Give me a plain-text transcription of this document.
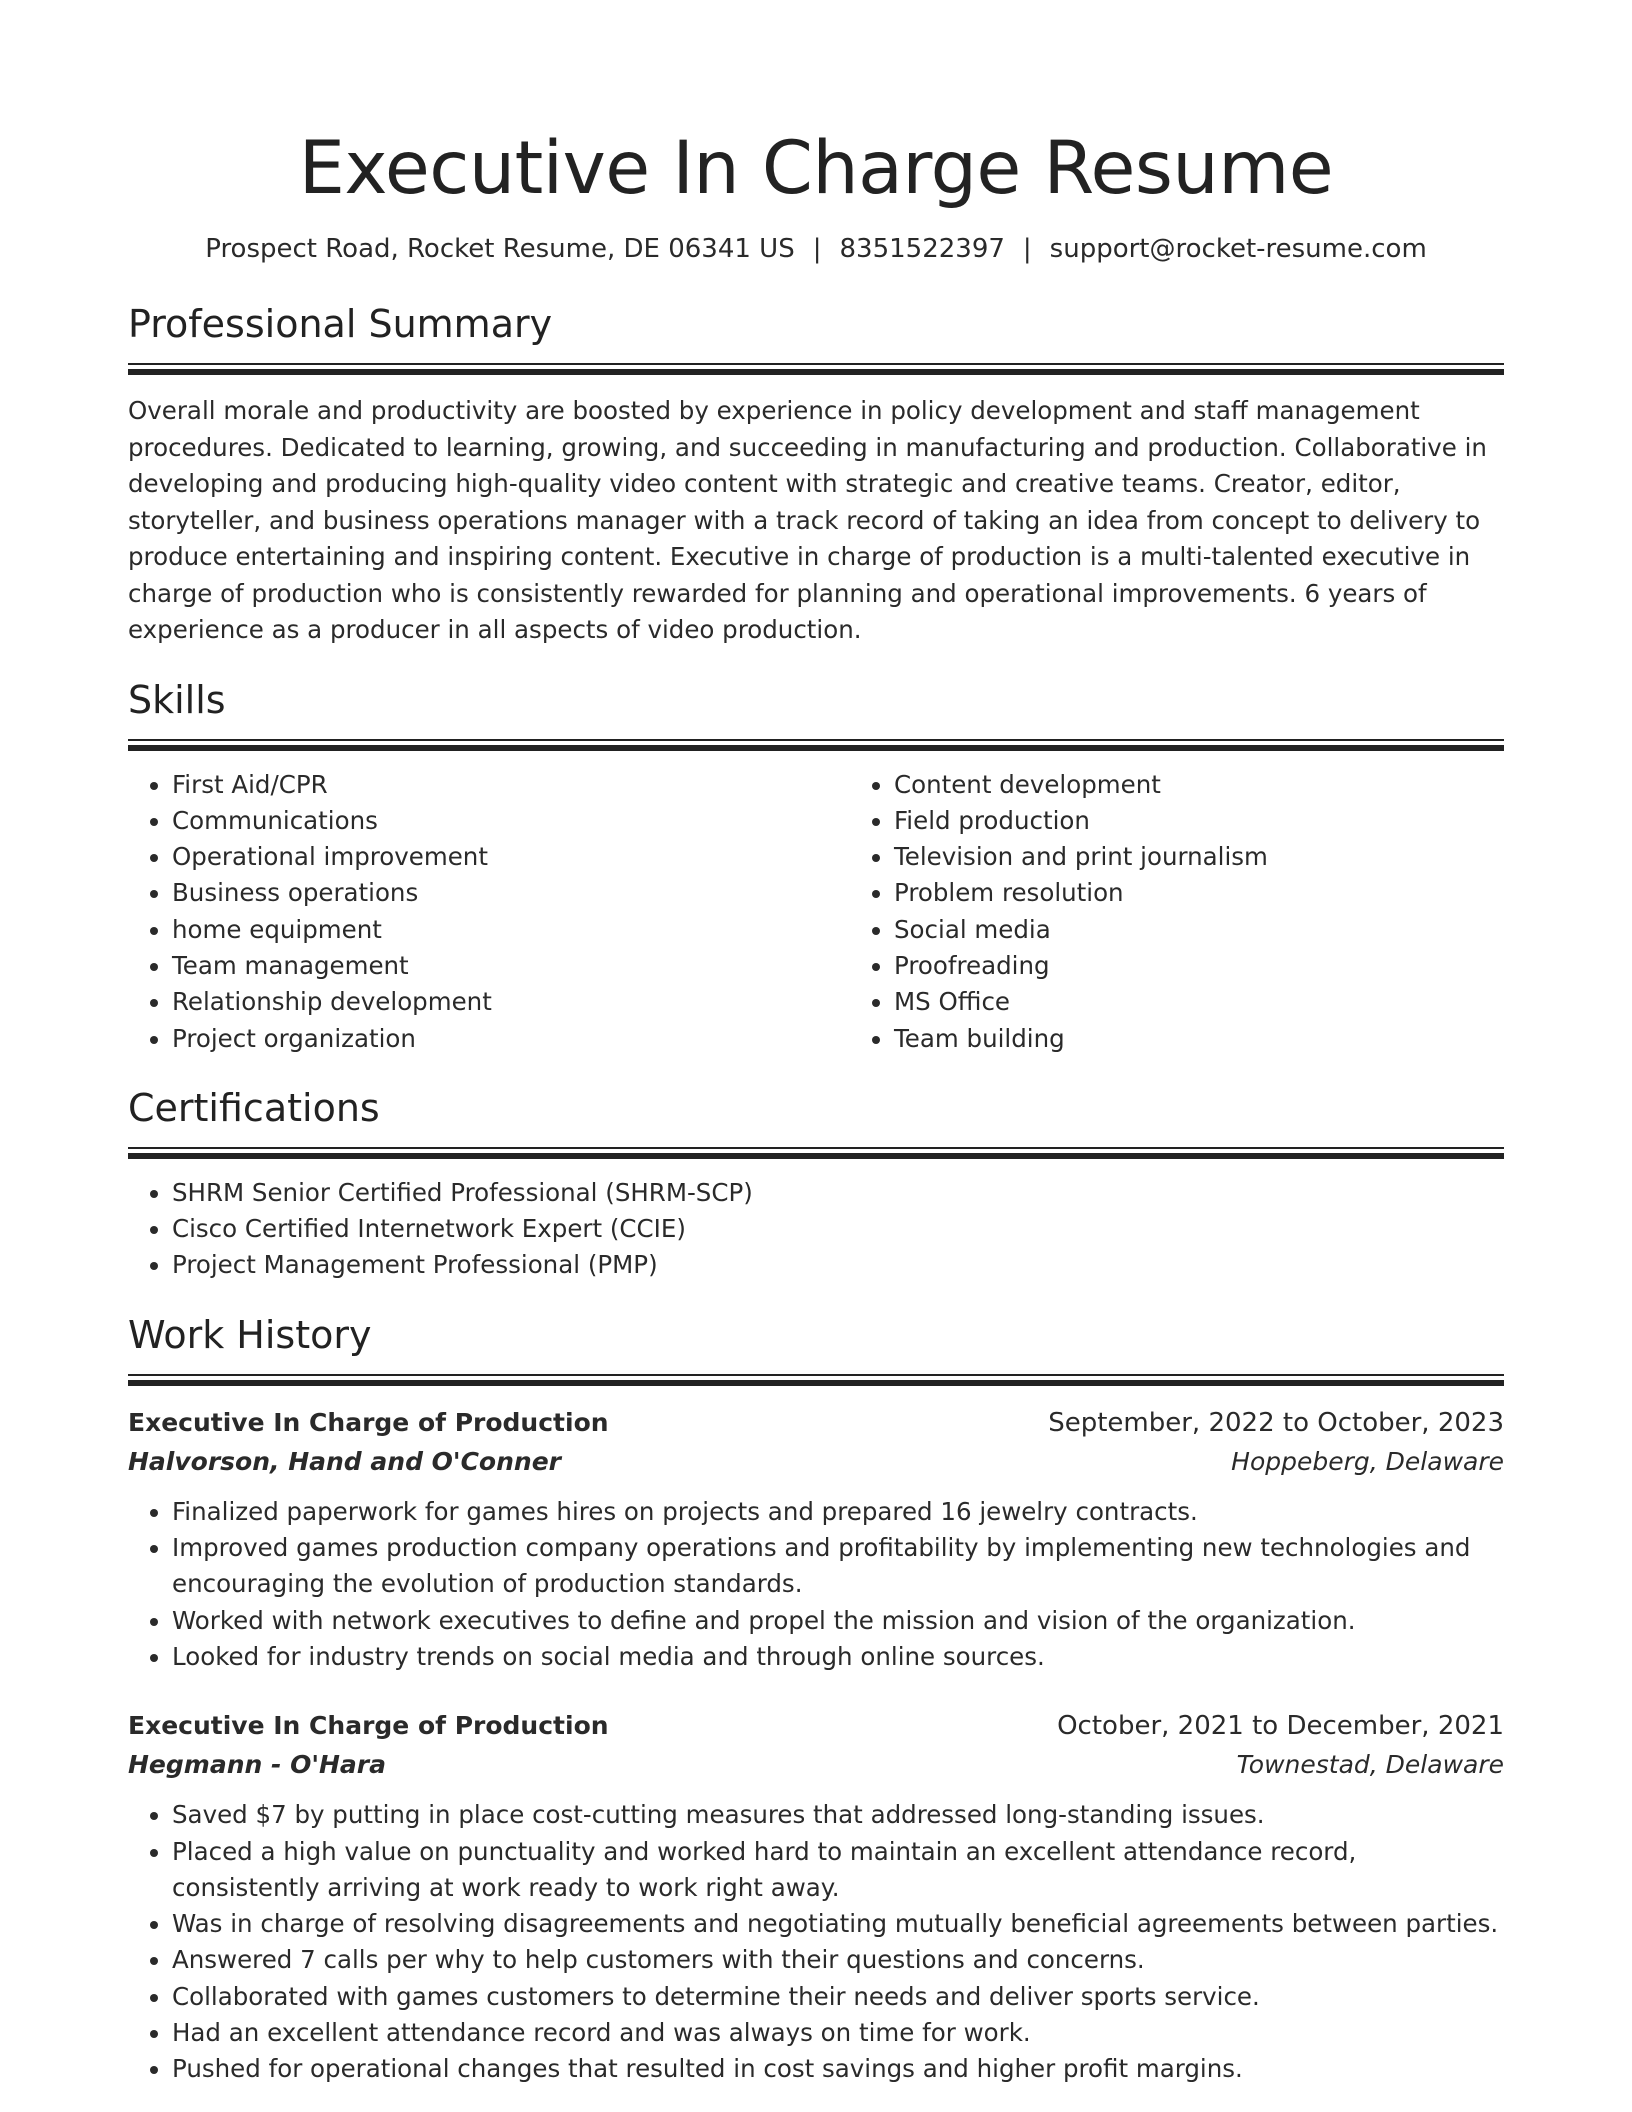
Executive In Charge Resume
Prospect Road, Rocket Resume, DE 06341 US | 8351522397 | support@rocket-resume.com
Professional Summary

Overall morale and productivity are boosted by experience in policy development and staff management procedures. Dedicated to learning, growing, and succeeding in manufacturing and production. Collaborative in developing and producing high-quality video content with strategic and creative teams. Creator, editor, storyteller, and business operations manager with a track record of taking an idea from concept to delivery to produce entertaining and inspiring content. Executive in charge of production is a multi-talented executive in charge of production who is consistently rewarded for planning and operational improvements. 6 years of experience as a producer in all aspects of video production.

Skills
• First Aid/CPR
• Communications
• Operational improvement
• Business operations
• home equipment
• Team management
• Relationship development
• Project organization
• Content development
• Field production
• Television and print journalism
• Problem resolution
• Social media
• Proofreading
• MS Office
• Team building
Certifications
• SHRM Senior Certified Professional (SHRM-SCP)
• Cisco Certified Internetwork Expert (CCIE)
• Project Management Professional (PMP)
Work History
Executive In Charge of Production	September, 2022 to October, 2023
Halvorson, Hand and O'Conner	Hoppeberg, Delaware
• Finalized paperwork for games hires on projects and prepared 16 jewelry contracts.
• Improved games production company operations and profitability by implementing new technologies and encouraging the evolution of production standards.
• Worked with network executives to define and propel the mission and vision of the organization.
• Looked for industry trends on social media and through online sources.
Executive In Charge of Production	October, 2021 to December, 2021
Hegmann - O'Hara	Townestad, Delaware
• Saved $7 by putting in place cost-cutting measures that addressed long-standing issues.
• Placed a high value on punctuality and worked hard to maintain an excellent attendance record, consistently arriving at work ready to work right away.
• Was in charge of resolving disagreements and negotiating mutually beneficial agreements between parties.
• Answered 7 calls per why to help customers with their questions and concerns.
• Collaborated with games customers to determine their needs and deliver sports service.
• Had an excellent attendance record and was always on time for work.
• Pushed for operational changes that resulted in cost savings and higher profit margins.
